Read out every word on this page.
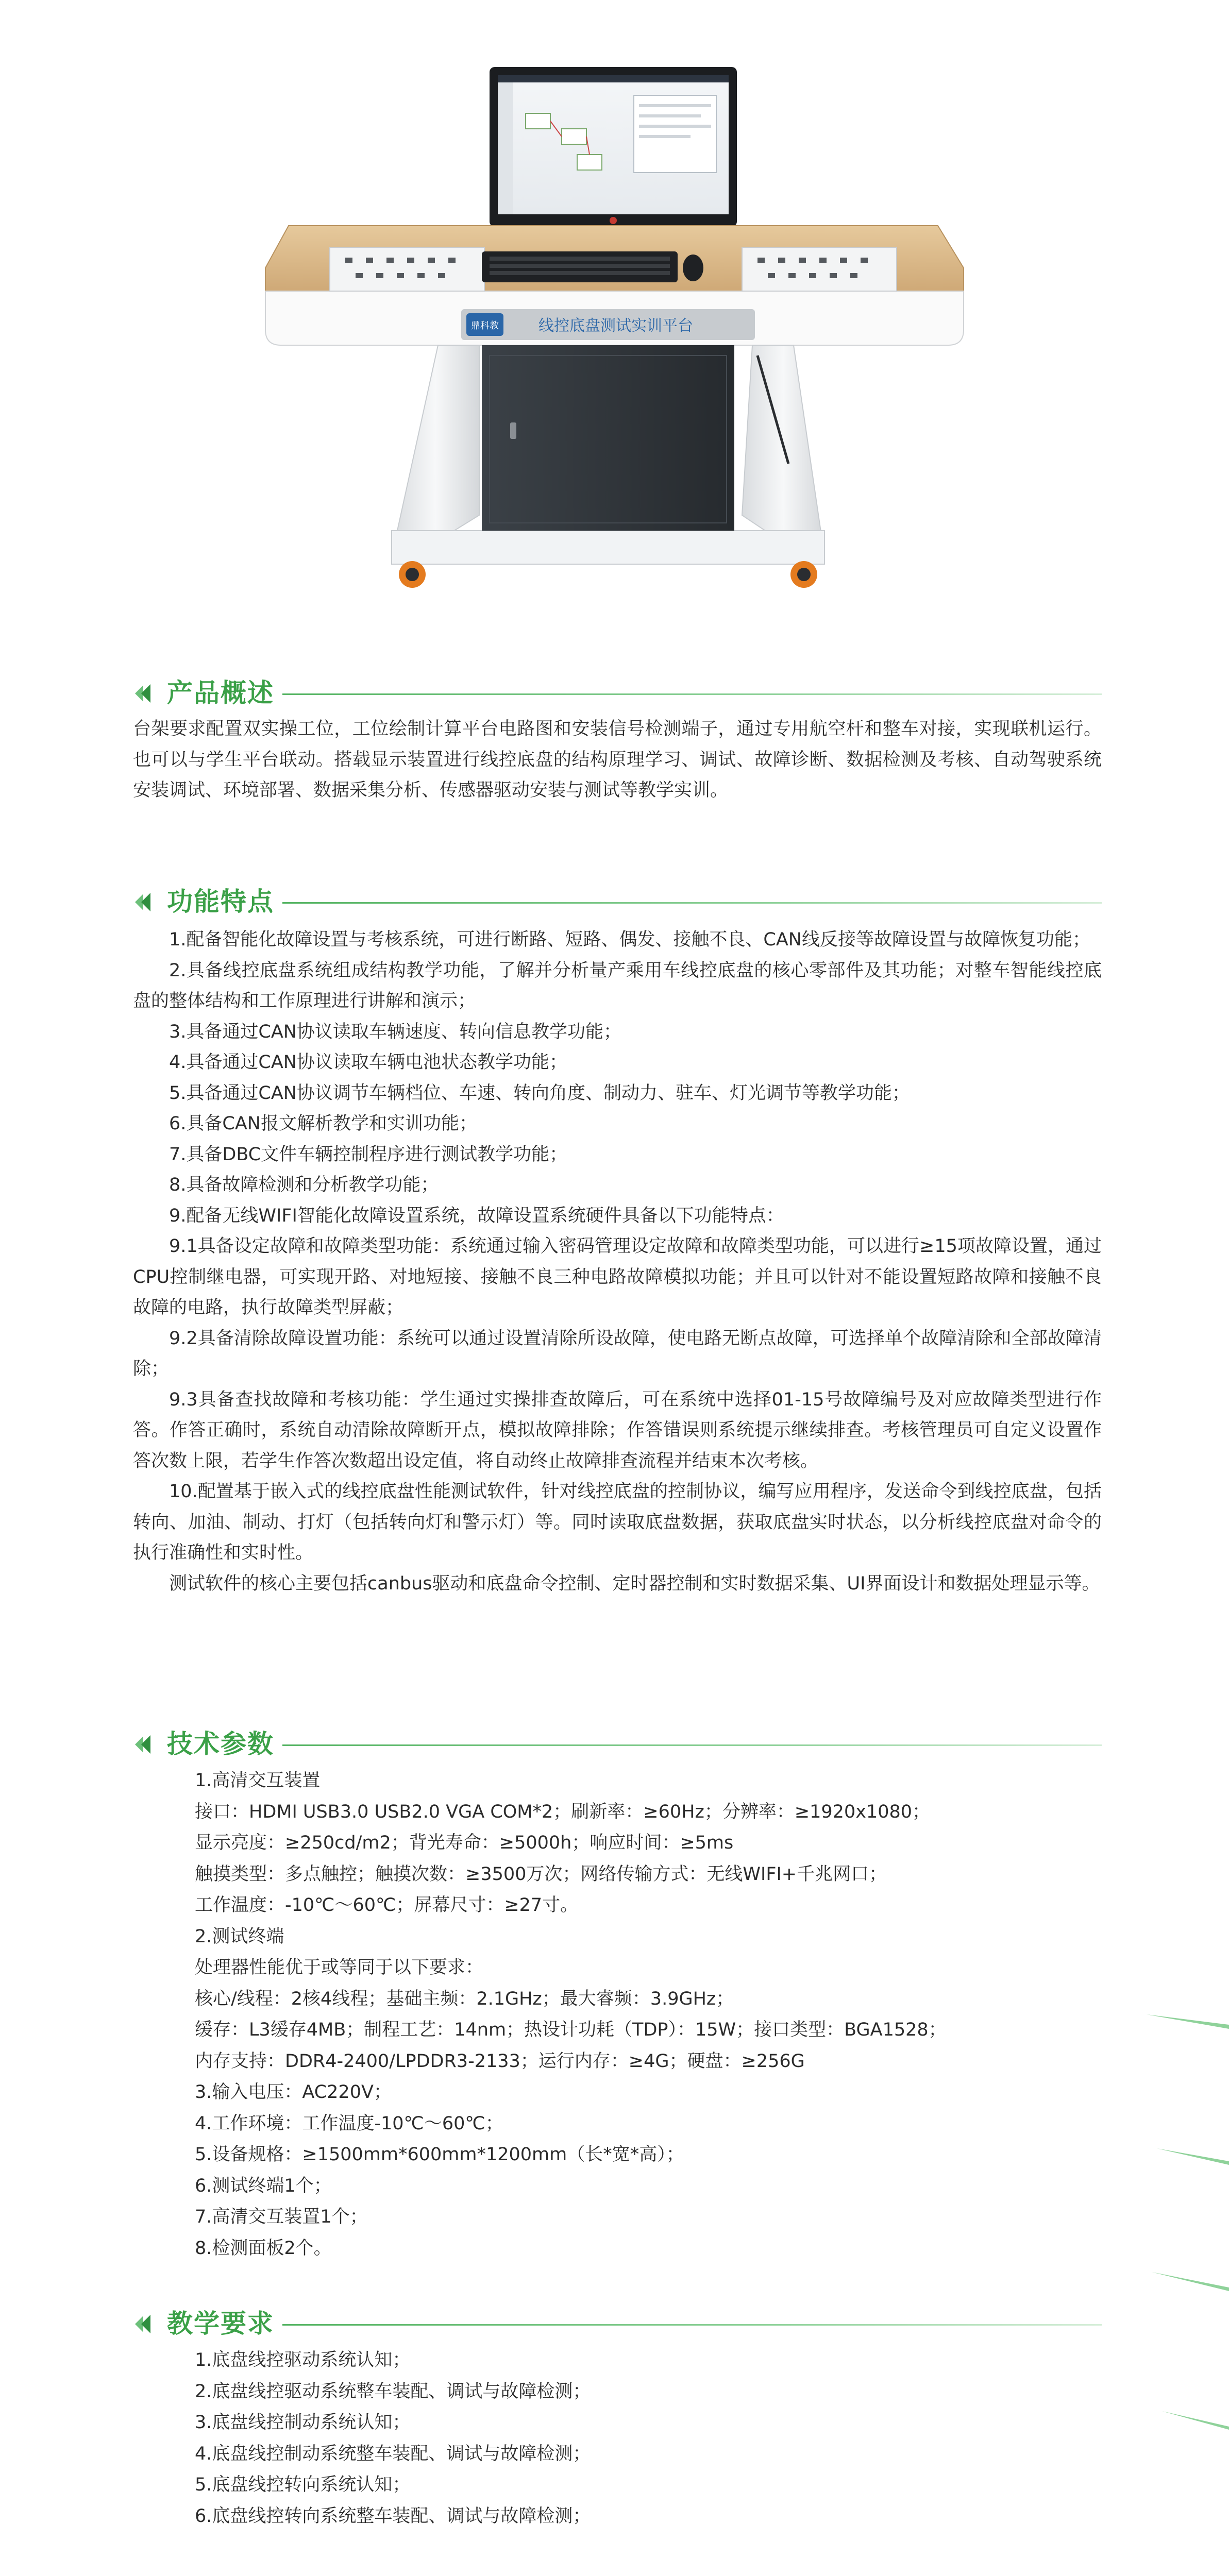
鼎科教	线控底盘测试实训平台
产品概述

台架要求配置双实操工位，工位绘制计算平台电路图和安装信号检测端子，通过专用航空杆和整车对接，实现联机运行。也可以与学生平台联动。搭载显示装置进行线控底盘的结构原理学习、调试、故障诊断、数据检测及考核、自动驾驶系统安装调试、环境部署、数据采集分析、传感器驱动安装与测试等教学实训。

功能特点

1.配备智能化故障设置与考核系统，可进行断路、短路、偶发、接触不良、CAN线反接等故障设置与故障恢复功能；

2.具备线控底盘系统组成结构教学功能，了解并分析量产乘用车线控底盘的核心零部件及其功能；对整车智能线控底盘的整体结构和工作原理进行讲解和演示；

3.具备通过CAN协议读取车辆速度、转向信息教学功能；

4.具备通过CAN协议读取车辆电池状态教学功能；

5.具备通过CAN协议调节车辆档位、车速、转向角度、制动力、驻车、灯光调节等教学功能；

6.具备CAN报文解析教学和实训功能；

7.具备DBC文件车辆控制程序进行测试教学功能；

8.具备故障检测和分析教学功能；

9.配备无线WIFI智能化故障设置系统，故障设置系统硬件具备以下功能特点：

9.1具备设定故障和故障类型功能：系统通过输入密码管理设定故障和故障类型功能，可以进行≥15项故障设置，通过CPU控制继电器，可实现开路、对地短接、接触不良三种电路故障模拟功能；并且可以针对不能设置短路故障和接触不良故障的电路，执行故障类型屏蔽；

9.2具备清除故障设置功能：系统可以通过设置清除所设故障，使电路无断点故障，可选择单个故障清除和全部故障清除；

9.3具备查找故障和考核功能：学生通过实操排查故障后，可在系统中选择01-15号故障编号及对应故障类型进行作答。作答正确时，系统自动清除故障断开点，模拟故障排除；作答错误则系统提示继续排查。考核管理员可自定义设置作答次数上限，若学生作答次数超出设定值，将自动终止故障排查流程并结束本次考核。

10.配置基于嵌入式的线控底盘性能测试软件，针对线控底盘的控制协议，编写应用程序，发送命令到线控底盘，包括转向、加油、制动、打灯（包括转向灯和警示灯）等。同时读取底盘数据，获取底盘实时状态，以分析线控底盘对命令的执行准确性和实时性。

测试软件的核心主要包括canbus驱动和底盘命令控制、定时器控制和实时数据采集、UI界面设计和数据处理显示等。

技术参数
1.高清交互装置
接口：HDMI USB3.0 USB2.0 VGA COM*2；刷新率：≥60Hz；分辨率：≥1920x1080；
显示亮度：≥250cd/m2；背光寿命：≥5000h；响应时间：≥5ms
触摸类型：多点触控；触摸次数：≥3500万次；网络传输方式：无线WIFI+千兆网口；
工作温度：-10℃～60℃；屏幕尺寸：≥27寸。
2.测试终端
处理器性能优于或等同于以下要求：
核心/线程：2核4线程；基础主频：2.1GHz；最大睿频：3.9GHz；
缓存：L3缓存4MB；制程工艺：14nm；热设计功耗（TDP）：15W；接口类型：BGA1528；
内存支持：DDR4-2400/LPDDR3-2133；运行内存：≥4G；硬盘：≥256G
3.输入电压：AC220V；
4.工作环境：工作温度-10℃～60℃；
5.设备规格：≥1500mm*600mm*1200mm（长*宽*高）；
6.测试终端1个；
7.高清交互装置1个；
8.检测面板2个。
教学要求
1.底盘线控驱动系统认知；
2.底盘线控驱动系统整车装配、调试与故障检测；
3.底盘线控制动系统认知；
4.底盘线控制动系统整车装配、调试与故障检测；
5.底盘线控转向系统认知；
6.底盘线控转向系统整车装配、调试与故障检测；
